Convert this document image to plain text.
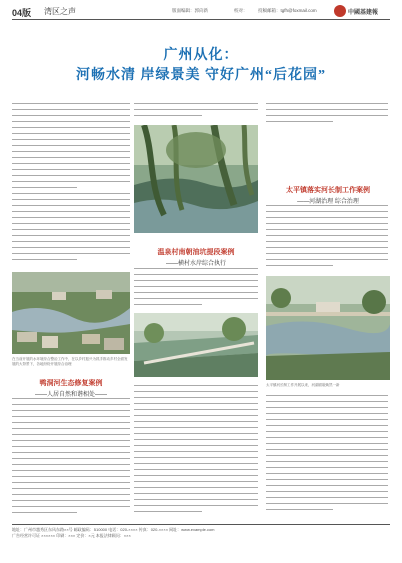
04版 湾区之声	版面编辑：郭向新	校对： 投稿邮箱：tgfh@foxmail.com	中國基建報
广州从化：
河畅水清 岸绿景美 守好广州“后花园”
太平镇落实河长制工作案例
——河湖治理 综合治理
温泉村南朝油坑提段案例
——横村水岸综合执行
在当前开展的水环境综合整治工作中，在以乡村振兴为抓手推动乡村全面发展的大背景下，各地纷纷开展综合治理
太平镇河长制工作开展以来，河湖面貌焕然一新
鸭洞河生态修复案例
——人居自然和谐相处——
地址：广州市越秀区东风东路××号 邮政编码：510000 电话：020-×××× 传真：020-×××× 网址：www.example.com
广告经营许可证 ×××××× 印刷：××× 定价：×元 本报法律顾问：×××
